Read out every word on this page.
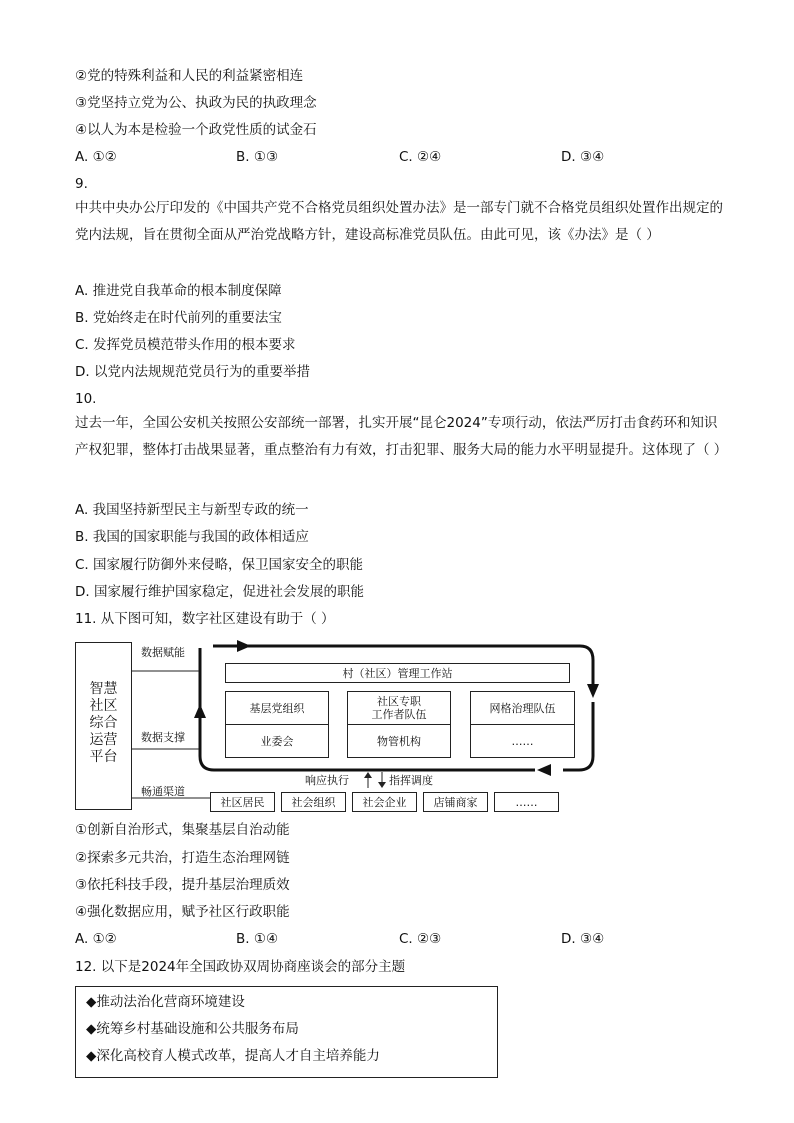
②党的特殊利益和人民的利益紧密相连
③党坚持立党为公、执政为民的执政理念
④以人为本是检验一个政党性质的试金石
A. ①②	B. ①③	C. ②④	D. ③④
9.
中共中央办公厅印发的《中国共产党不合格党员组织处置办法》是一部专门就不合格党员组织处置作出规定的党内法规，旨在贯彻全面从严治党战略方针，建设高标准党员队伍。由此可见，该《办法》是（ ）
A. 推进党自我革命的根本制度保障
B. 党始终走在时代前列的重要法宝
C. 发挥党员模范带头作用的根本要求
D. 以党内法规规范党员行为的重要举措
10.
过去一年，全国公安机关按照公安部统一部署，扎实开展“昆仑2024”专项行动，依法严厉打击食药环和知识产权犯罪，整体打击战果显著，重点整治有力有效，打击犯罪、服务大局的能力水平明显提升。这体现了（ ）
A. 我国坚持新型民主与新型专政的统一
B. 我国的国家职能与我国的政体相适应
C. 国家履行防御外来侵略，保卫国家安全的职能
D. 国家履行维护国家稳定，促进社会发展的职能
11. 从下图可知，数字社区建设有助于（ ）
智慧
社区
综合
运营
平台
数据赋能
数据支撑
畅通渠道
村（社区）管理工作站
基层党组织
业委会
社区专职
工作者队伍
物管机构
网格治理队伍
……
响应执行	指挥调度
社区居民	社会组织	社会企业	店铺商家	……
①创新自治形式，集聚基层自治动能
②探索多元共治，打造生态治理网链
③依托科技手段，提升基层治理质效
④强化数据应用，赋予社区行政职能
A. ①②	B. ①④	C. ②③	D. ③④
12. 以下是2024年全国政协双周协商座谈会的部分主题
◆推动法治化营商环境建设
◆统筹乡村基础设施和公共服务布局
◆深化高校育人模式改革，提高人才自主培养能力
